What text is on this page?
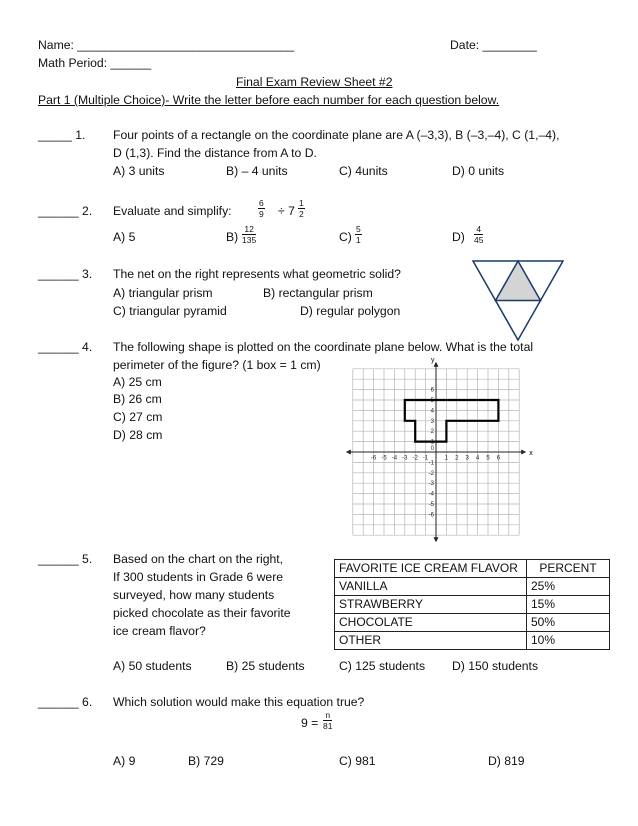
Name: ________________________________	Date: ________
Math Period: ______
Final Exam Review Sheet #2
Part 1 (Multiple Choice)- Write the letter before each number for each question below.
_____ 1. Four points of a rectangle on the coordinate plane are A (–3,3), B (–3,–4), C (1,–4),
D (1,3). Find the distance from A to D.
A) 3 units	B) – 4 units	C) 4units	D) 0 units
______ 2. Evaluate and simplify:	$\frac{6}{9} \div 7 \frac{1}{2}$
A) 5	$B) \frac{12}{135}$	$C) \frac{5}{1}$	$D) \frac{4}{45}$
______ 3. The net on the right represents what geometric solid?
A) triangular prism	B) rectangular prism
C) triangular pyramid	D) regular polygon
______ 4. The following shape is plotted on the coordinate plane below. What is the total
perimeter of the figure? (1 box = 1 cm)
A) 25 cm
B) 26 cm
C) 27 cm
D) 28 cm
x
y
-6 -5 -4 -3 -2 -1	1 2 3 4 5 6
6
5
4
3
2
1
-1
-2
-3
-4
-5
-6
0
______ 5. Based on the chart on the right,
If 300 students in Grade 6 were
surveyed, how many students
picked chocolate as their favorite
ice cream flavor?
FAVORITE ICE CREAM FLAVOR	PERCENT
VANILLA	25%
STRAWBERRY	15%
CHOCOLATE	50%
OTHER	10%
A) 50 students	B) 25 students	C) 125 students D) 150 students
______ 6. Which solution would make this equation true?
$9 = \frac{n}{81}$
A) 9	B) 729	C) 981	D) 819
